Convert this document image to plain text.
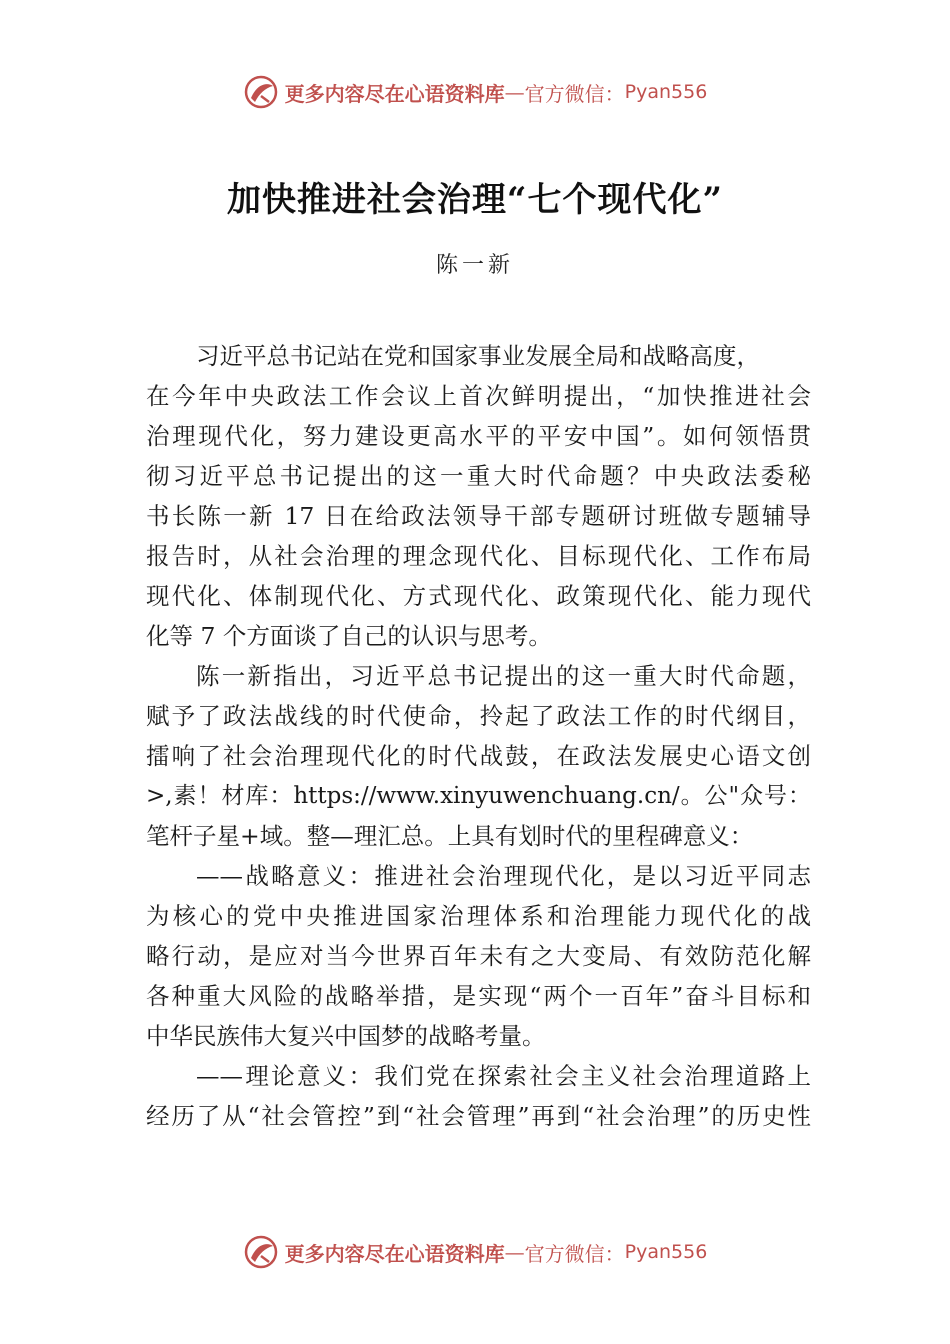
更多内容尽在心语资料库 — 官方微信： Pyan556
加快推进社会治理“七个现代化”
陈一新
习近平总书记站在党和国家事业发展全局和战略高度，
在今年中央政法工作会议上首次鲜明提出，“加快推进社会
治理现代化，努力建设更高水平的平安中国”。如何领悟贯
彻习近平总书记提出的这一重大时代命题？中央政法委秘
书长陈一新 17 日在给政法领导干部专题研讨班做专题辅导
报告时，从社会治理的理念现代化、目标现代化、工作布局
现代化、体制现代化、方式现代化、政策现代化、能力现代
化等 7 个方面谈了自己的认识与思考。
陈一新指出，习近平总书记提出的这一重大时代命题，
赋予了政法战线的时代使命，拎起了政法工作的时代纲目，
擂响了社会治理现代化的时代战鼓，在政法发展史心语文创
>,素！材库：https://www.xinyuwenchuang.cn/。公"众号：
笔杆子星+域。整—理汇总。上具有划时代的里程碑意义：
——战略意义：推进社会治理现代化，是以习近平同志
为核心的党中央推进国家治理体系和治理能力现代化的战
略行动，是应对当今世界百年未有之大变局、有效防范化解
各种重大风险的战略举措，是实现“两个一百年”奋斗目标和
中华民族伟大复兴中国梦的战略考量。
——理论意义：我们党在探索社会主义社会治理道路上
经历了从“社会管控”到“社会管理”再到“社会治理”的历史性
更多内容尽在心语资料库 — 官方微信： Pyan556
